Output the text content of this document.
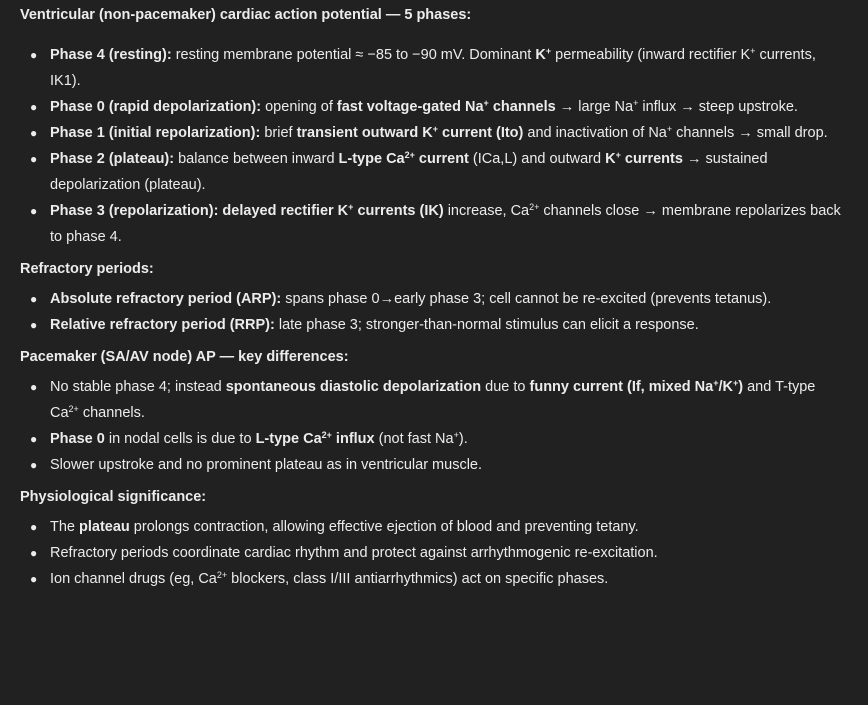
Ventricular (non-pacemaker) cardiac action potential — 5 phases:

● Phase 4 (resting): resting membrane potential ≈ −85 to −90 mV. Dominant K+ permeability (inward rectifier K+ currents, IK1).
● Phase 0 (rapid depolarization): opening of fast voltage-gated Na+ channels → large Na+ influx → steep upstroke.
● Phase 1 (initial repolarization): brief transient outward K+ current (Ito) and inactivation of Na+ channels → small drop.
● Phase 2 (plateau): balance between inward L-type $Ca^{2+}$ current (ICa,L) and outward K+ currents → sustained depolarization (plateau).
● Phase 3 (repolarization): delayed rectifier K+ currents (IK) increase, $Ca^{2+}$ channels close → membrane repolarizes back to phase 4.

Refractory periods:

● Absolute refractory period (ARP): spans phase 0→early phase 3; cell cannot be re-excited (prevents tetanus).
● Relative refractory period (RRP): late phase 3; stronger-than-normal stimulus can elicit a response.

Pacemaker (SA/AV node) AP — key differences:

● No stable phase 4; instead spontaneous diastolic depolarization due to funny current (If, mixed Na+/K+) and T-type $Ca^{2+}$ channels.
● Phase 0 in nodal cells is due to L-type $Ca^{2+}$ influx (not fast Na+).
● Slower upstroke and no prominent plateau as in ventricular muscle.

Physiological significance:

● The plateau prolongs contraction, allowing effective ejection of blood and preventing tetany.
● Refractory periods coordinate cardiac rhythm and protect against arrhythmogenic re-excitation.
● Ion channel drugs (eg, $Ca^{2+}$ blockers, class I/III antiarrhythmics) act on specific phases.
